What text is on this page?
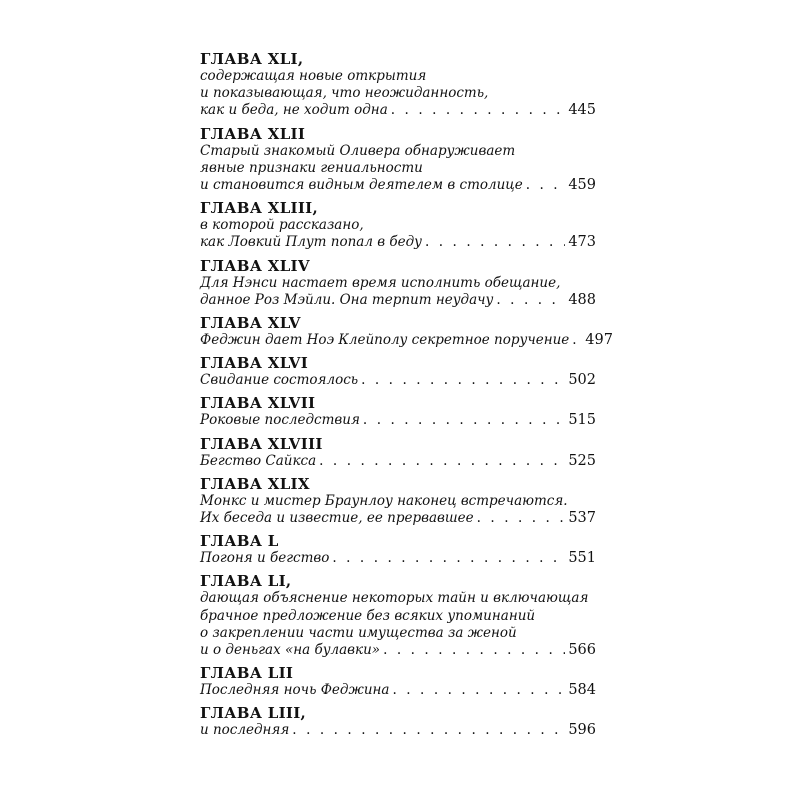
ГЛАВА XLI,
содержащая новые открытия
и показывающая, что неожиданность,
как и беда, не ходит одна . . .	445
ГЛАВА XLII
Старый знакомый Оливера обнаруживает
явные признаки гениальности
и становится видным деятелем в столице . . .	459
ГЛАВА XLIII,
в которой рассказано,
как Ловкий Плут попал в беду . . .	473
ГЛАВА XLIV
Для Нэнси настает время исполнить обещание,
данное Роз Мэйли. Она терпит неудачу . . .	488
ГЛАВА XLV
Феджин дает Ноэ Клейполу секретное поручение . . . 497
ГЛАВА XLVI
Свидание состоялось . . .	502
ГЛАВА XLVII
Роковые последствия . . .	515
ГЛАВА XLVIII
Бегство Сайкса . . .	525
ГЛАВА XLIX
Монкс и мистер Браунлоу наконец встречаются.
Их беседа и известие, ее прервавшее . . .	537
ГЛАВА L
Погоня и бегство . . .	551
ГЛАВА LI,
дающая объяснение некоторых тайн и включающая
брачное предложение без всяких упоминаний
о закреплении части имущества за женой
и о деньгах «на булавки» . . .	566
ГЛАВА LII
Последняя ночь Феджина . . .	584
ГЛАВА LIII,
и последняя . . .	596
